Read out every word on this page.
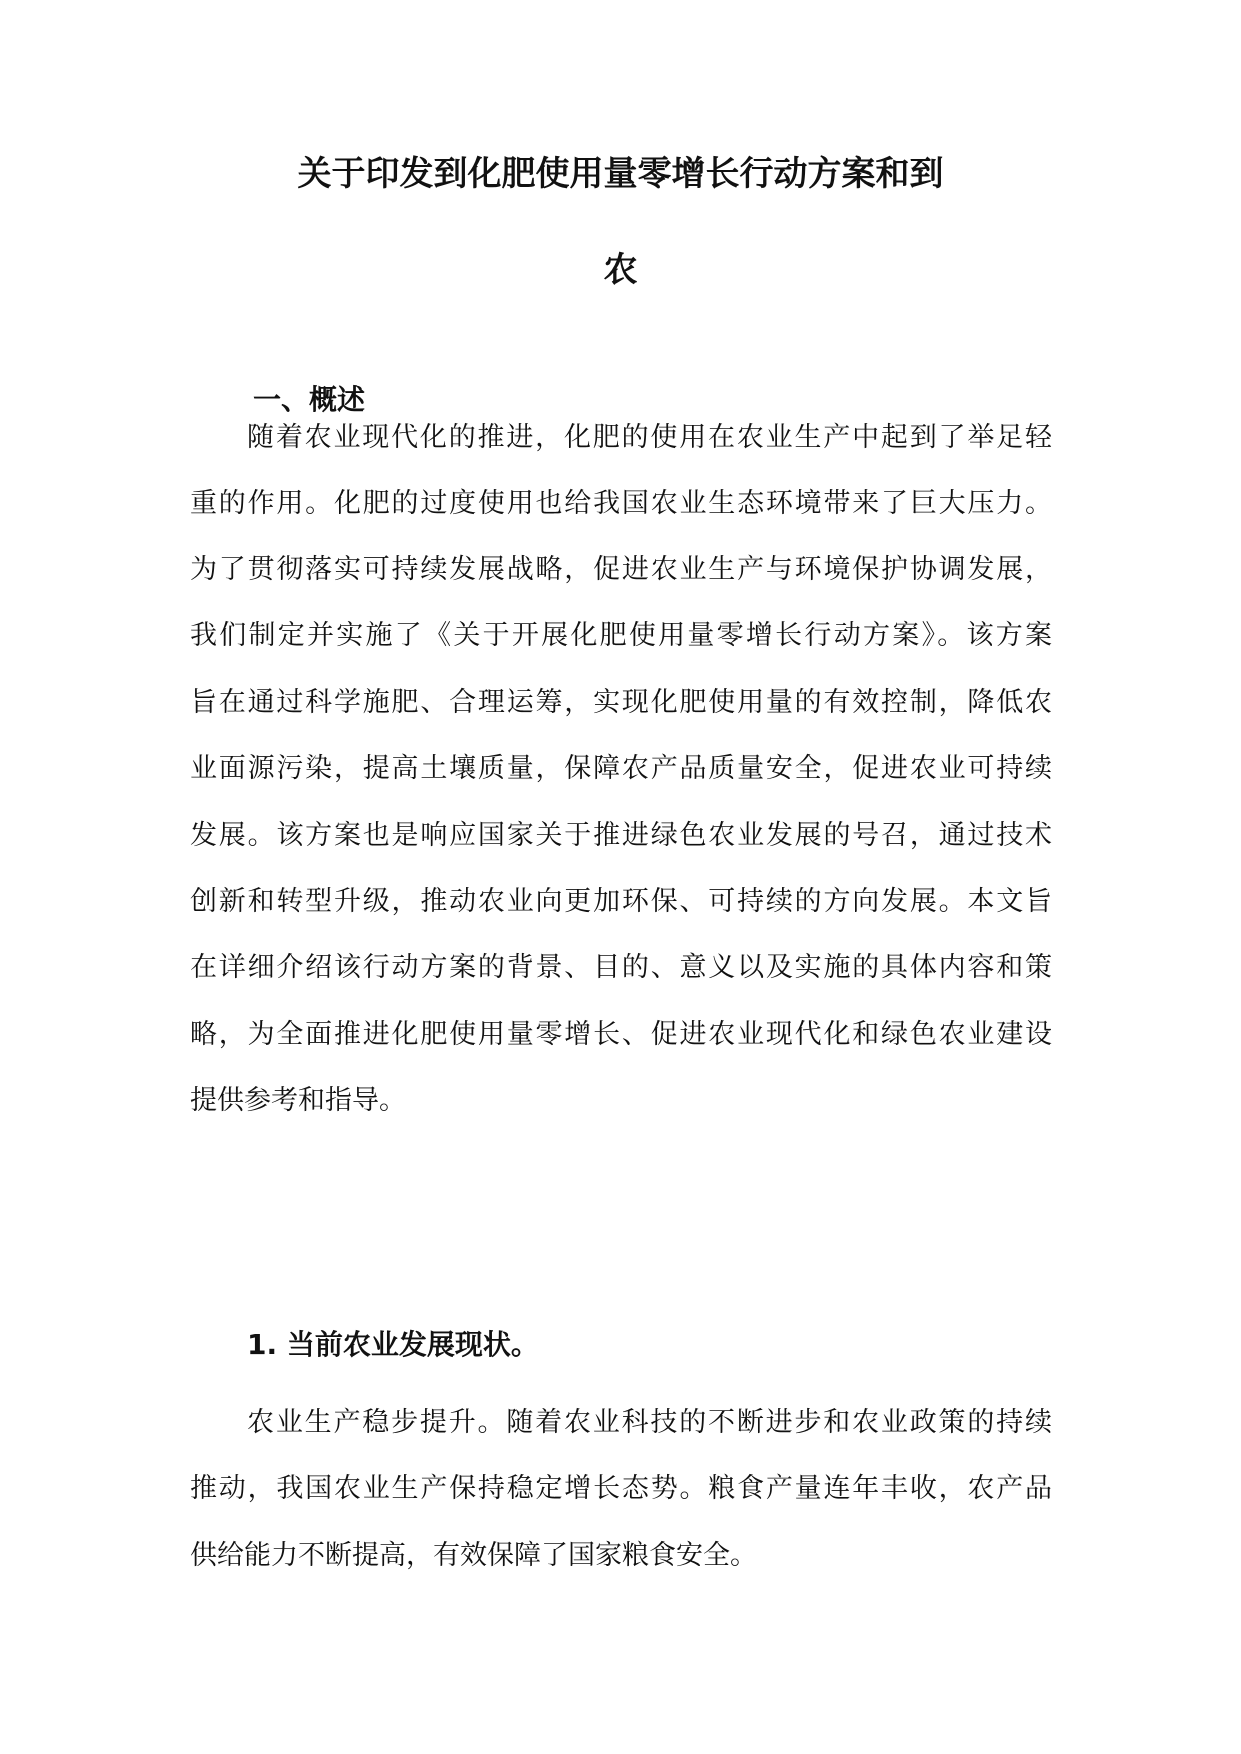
关于印发到化肥使用量零增长行动方案和到
农
一、概述
随着农业现代化的推进，化肥的使用在农业生产中起到了举足轻
重的作用。化肥的过度使用也给我国农业生态环境带来了巨大压力。
为了贯彻落实可持续发展战略，促进农业生产与环境保护协调发展，
我们制定并实施了《关于开展化肥使用量零增长行动方案》。该方案
旨在通过科学施肥、合理运筹，实现化肥使用量的有效控制，降低农
业面源污染，提高土壤质量，保障农产品质量安全，促进农业可持续
发展。该方案也是响应国家关于推进绿色农业发展的号召，通过技术
创新和转型升级，推动农业向更加环保、可持续的方向发展。本文旨
在详细介绍该行动方案的背景、目的、意义以及实施的具体内容和策
略，为全面推进化肥使用量零增长、促进农业现代化和绿色农业建设
提供参考和指导。
1. 当前农业发展现状。
农业生产稳步提升。随着农业科技的不断进步和农业政策的持续
推动，我国农业生产保持稳定增长态势。粮食产量连年丰收，农产品
供给能力不断提高，有效保障了国家粮食安全。
